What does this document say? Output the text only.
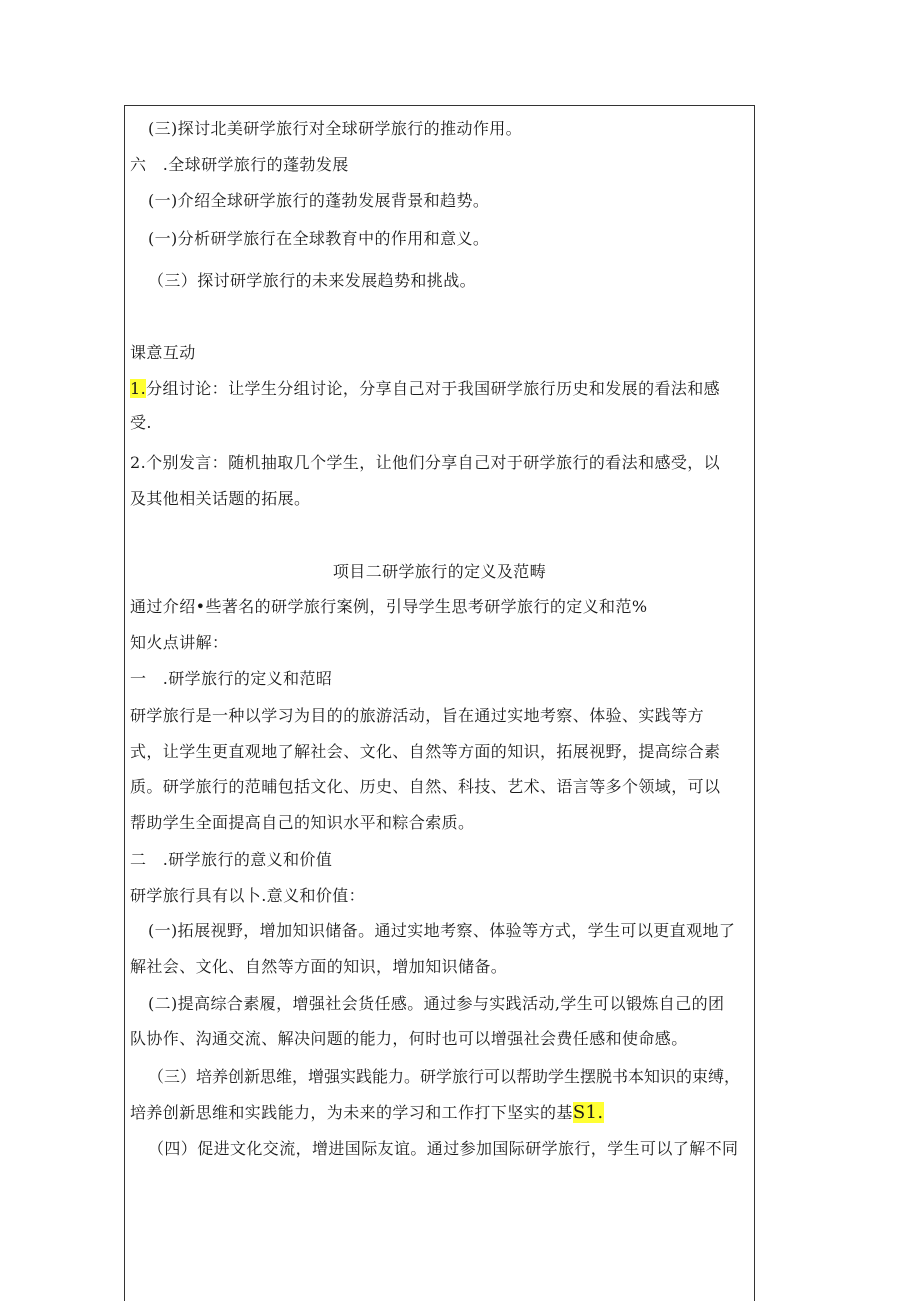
(三)探讨北美研学旅行对全球研学旅行的推动作用。
六　.全球研学旅行的蓬勃发展
(一)介绍全球研学旅行的蓬勃发展背景和趋势。
(一)分析研学旅行在全球教育中的作用和意义。
（三）探讨研学旅行的未来发展趋势和挑战。
课意互动
1.分组讨论：让学生分组讨论，分享自己对于我国研学旅行历史和发展的看法和感
受.
2.个别发言：随机抽取几个学生，让他们分享自己对于研学旅行的看法和感受，以
及其他相关话题的拓展。
项目二研学旅行的定义及范畴
通过介绍•些著名的研学旅行案例，引导学生思考研学旅行的定义和范%
知火点讲解：
一　.研学旅行的定义和范昭
研学旅行是一种以学习为目的的旅游活动，旨在通过实地考察、体验、实践等方
式，让学生更直观地了解社会、文化、自然等方面的知识，拓展视野，提高综合素
质。研学旅行的范晡包括文化、历史、自然、科技、艺术、语言等多个领域，可以
帮助学生全面提高自己的知识水平和粽合索质。
二　.研学旅行的意义和价值
研学旅行具有以卜.意义和价值：
(一)拓展视野，增加知识储备。通过实地考察、体验等方式，学生可以更直观地了
解社会、文化、自然等方面的知识，增加知识储备。
(二)提高综合素履，增强社会货任感。通过参与实践活动,学生可以锻炼自己的团
队协作、沟通交流、解决问题的能力，何时也可以增强社会费任感和使命感。
（三）培养创新思维，增强实践能力。研学旅行可以帮助学生摆脱书本知识的束缚，
培养创新思维和实践能力，为未来的学习和工作打下坚实的基S1.
（四）促进文化交流，增进国际友谊。通过参加国际研学旅行，学生可以了解不同
